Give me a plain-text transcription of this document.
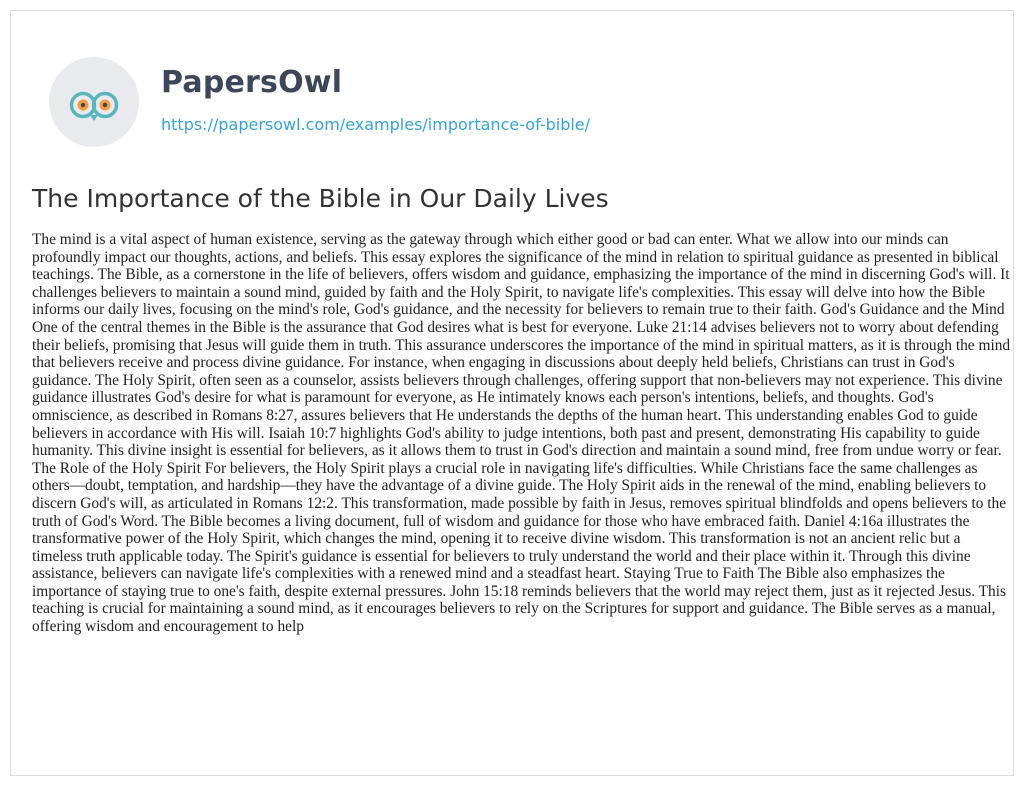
PapersOwl
https://papersowl.com/examples/importance-of-bible/
The Importance of the Bible in Our Daily Lives

The mind is a vital aspect of human existence, serving as the gateway through which either good or bad can enter. What we allow into our minds can profoundly impact our thoughts, actions, and beliefs. This essay explores the significance of the mind in relation to spiritual guidance as presented in biblical teachings. The Bible, as a cornerstone in the life of believers, offers wisdom and guidance, emphasizing the importance of the mind in discerning God's will. It challenges believers to maintain a sound mind, guided by faith and the Holy Spirit, to navigate life's complexities. This essay will delve into how the Bible informs our daily lives, focusing on the mind's role, God's guidance, and the necessity for believers to remain true to their faith. God's Guidance and the Mind One of the central themes in the Bible is the assurance that God desires what is best for everyone. Luke 21:14 advises believers not to worry about defending their beliefs, promising that Jesus will guide them in truth. This assurance underscores the importance of the mind in spiritual matters, as it is through the mind that believers receive and process divine guidance. For instance, when engaging in discussions about deeply held beliefs, Christians can trust in God's guidance. The Holy Spirit, often seen as a counselor, assists believers through challenges, offering support that non-believers may not experience. This divine guidance illustrates God's desire for what is paramount for everyone, as He intimately knows each person's intentions, beliefs, and thoughts. God's omniscience, as described in Romans 8:27, assures believers that He understands the depths of the human heart. This understanding enables God to guide believers in accordance with His will. Isaiah 10:7 highlights God's ability to judge intentions, both past and present, demonstrating His capability to guide humanity. This divine insight is essential for believers, as it allows them to trust in God's direction and maintain a sound mind, free from undue worry or fear. The Role of the Holy Spirit For believers, the Holy Spirit plays a crucial role in navigating life's difficulties. While Christians face the same challenges as others—doubt, temptation, and hardship—they have the advantage of a divine guide. The Holy Spirit aids in the renewal of the mind, enabling believers to discern God's will, as articulated in Romans 12:2. This transformation, made possible by faith in Jesus, removes spiritual blindfolds and opens believers to the truth of God's Word. The Bible becomes a living document, full of wisdom and guidance for those who have embraced faith. Daniel 4:16a illustrates the transformative power of the Holy Spirit, which changes the mind, opening it to receive divine wisdom. This transformation is not an ancient relic but a timeless truth applicable today. The Spirit's guidance is essential for believers to truly understand the world and their place within it. Through this divine assistance, believers can navigate life's complexities with a renewed mind and a steadfast heart. Staying True to Faith The Bible also emphasizes the importance of staying true to one's faith, despite external pressures. John 15:18 reminds believers that the world may reject them, just as it rejected Jesus. This teaching is crucial for maintaining a sound mind, as it encourages believers to rely on the Scriptures for support and guidance. The Bible serves as a manual, offering wisdom and encouragement to help
